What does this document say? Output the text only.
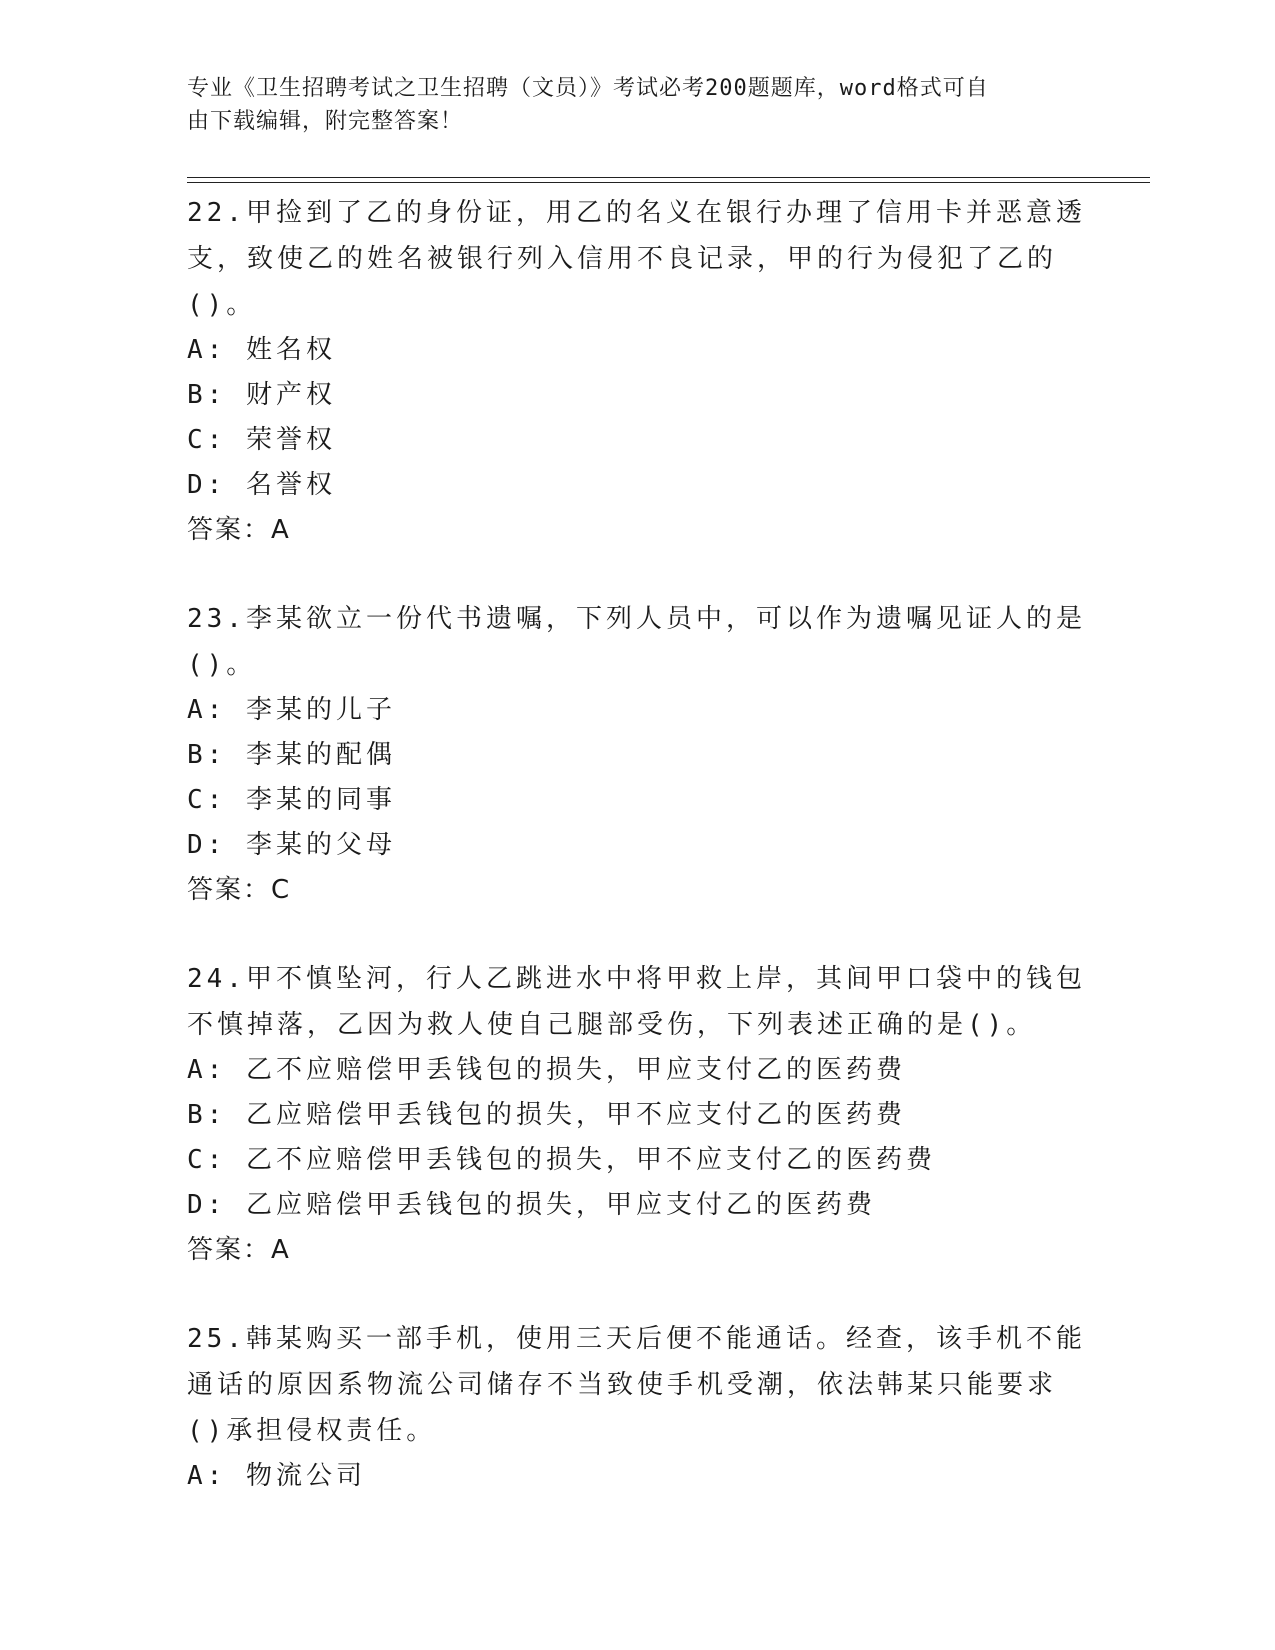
专业《卫生招聘考试之卫生招聘（文员）》考试必考200题题库，word格式可自
由下载编辑，附完整答案！
22.甲捡到了乙的身份证，用乙的名义在银行办理了信用卡并恶意透支，致使乙的姓名被银行列入信用不良记录，甲的行为侵犯了乙的()。
A: 姓名权
B: 财产权
C: 荣誉权
D: 名誉权
答案：A
23.李某欲立一份代书遗嘱，下列人员中，可以作为遗嘱见证人的是()。
A: 李某的儿子
B: 李某的配偶
C: 李某的同事
D: 李某的父母
答案：C
24.甲不慎坠河，行人乙跳进水中将甲救上岸，其间甲口袋中的钱包不慎掉落，乙因为救人使自己腿部受伤，下列表述正确的是()。
A: 乙不应赔偿甲丢钱包的损失，甲应支付乙的医药费
B: 乙应赔偿甲丢钱包的损失，甲不应支付乙的医药费
C: 乙不应赔偿甲丢钱包的损失，甲不应支付乙的医药费
D: 乙应赔偿甲丢钱包的损失，甲应支付乙的医药费
答案：A
25.韩某购买一部手机，使用三天后便不能通话。经查，该手机不能通话的原因系物流公司储存不当致使手机受潮，依法韩某只能要求()承担侵权责任。
A: 物流公司
